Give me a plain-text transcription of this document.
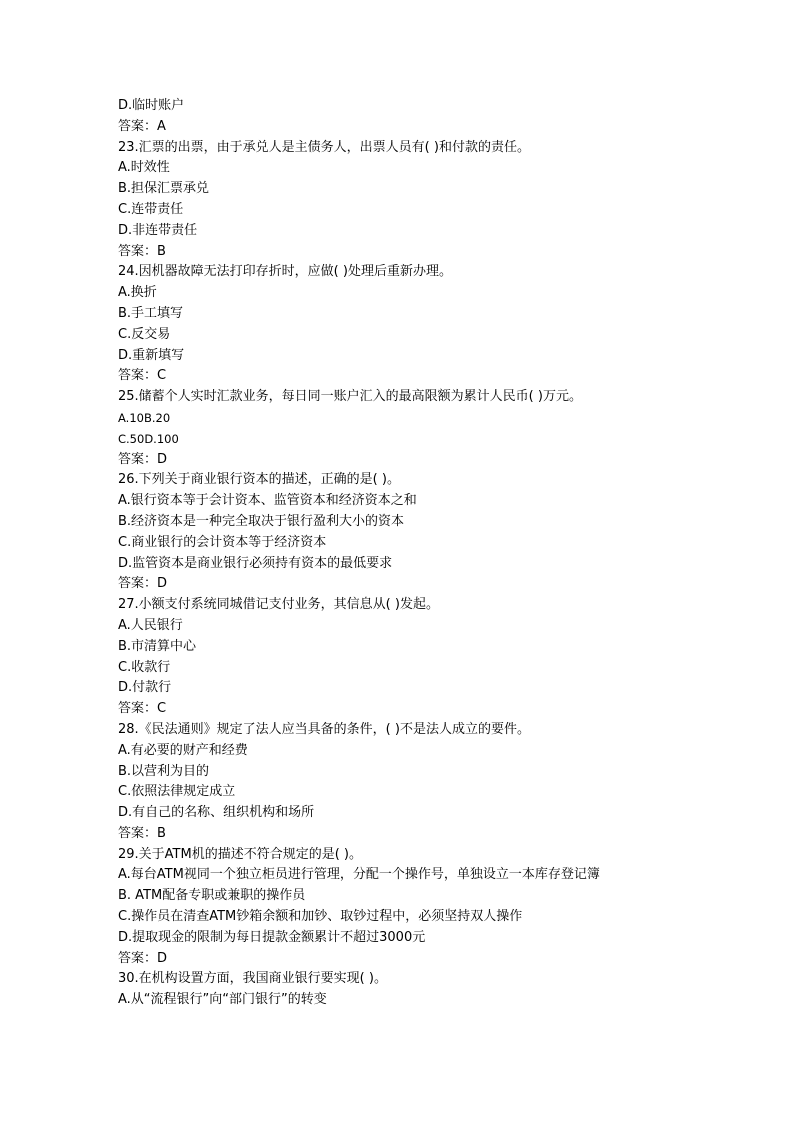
D.临时账户
答案：A
23.汇票的出票，由于承兑人是主债务人，出票人员有( )和付款的责任。
A.时效性
B.担保汇票承兑
C.连带责任
D.非连带责任
答案：B
24.因机器故障无法打印存折时，应做( )处理后重新办理。
A.换折
B.手工填写
C.反交易
D.重新填写
答案：C
25.储蓄个人实时汇款业务，每日同一账户汇入的最高限额为累计人民币( )万元。
A.10B.20
C.50D.100
答案：D
26.下列关于商业银行资本的描述，正确的是( )。
A.银行资本等于会计资本、监管资本和经济资本之和
B.经济资本是一种完全取决于银行盈利大小的资本
C.商业银行的会计资本等于经济资本
D.监管资本是商业银行必须持有资本的最低要求
答案：D
27.小额支付系统同城借记支付业务，其信息从( )发起。
A.人民银行
B.市清算中心
C.收款行
D.付款行
答案：C
28.《民法通则》规定了法人应当具备的条件，( )不是法人成立的要件。
A.有必要的财产和经费
B.以营利为目的
C.依照法律规定成立
D.有自己的名称、组织机构和场所
答案：B
29.关于ATM机的描述不符合规定的是( )。
A.每台ATM视同一个独立柜员进行管理，分配一个操作号，单独设立一本库存登记簿
B. ATM配备专职或兼职的操作员
C.操作员在清查ATM钞箱余额和加钞、取钞过程中，必须坚持双人操作
D.提取现金的限制为每日提款金额累计不超过3000元
答案：D
30.在机构设置方面，我国商业银行要实现( )。
A.从“流程银行”向“部门银行”的转变
